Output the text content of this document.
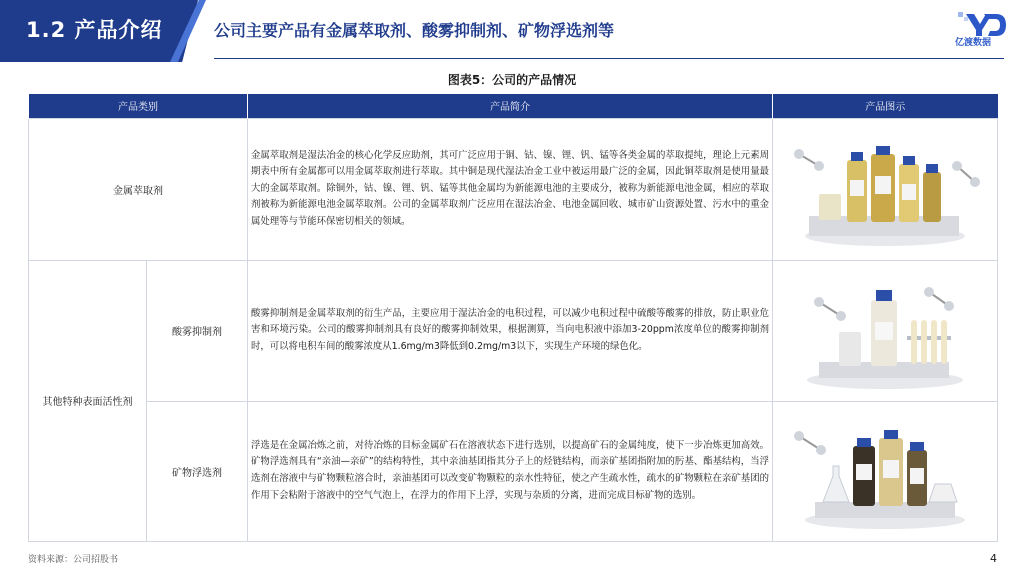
1.2 产品介绍	公司主要产品有金属萃取剂、酸雾抑制剂、矿物浮选剂等
亿渡数据
图表5：公司的产品情况
产品类别		产品简介	产品图示
金属萃取剂		金属萃取剂是湿法冶金的核心化学反应助剂，其可广泛应用于铜、钴、镍、锂、钒、锰等各类金属的萃取提纯，理论上元素周期表中所有金属都可以用金属萃取剂进行萃取。其中铜是现代湿法冶金工业中被运用最广泛的金属，因此铜萃取剂是使用量最大的金属萃取剂。除铜外，钴、镍、锂、钒、锰等其他金属均为新能源电池的主要成分，被称为新能源电池金属，相应的萃取剂被称为新能源电池金属萃取剂。公司的金属萃取剂广泛应用在湿法冶金、电池金属回收、城市矿山资源处置、污水中的重金属处理等与节能环保密切相关的领域。	

其他特种表面活性剂	酸雾抑制剂	酸雾抑制剂是金属萃取剂的衍生产品，主要应用于湿法冶金的电积过程，可以减少电积过程中硫酸等酸雾的排放，防止职业危害和环境污染。公司的酸雾抑制剂具有良好的酸雾抑制效果，根据测算，当向电积液中添加3-20ppm浓度单位的酸雾抑制剂时，可以将电积车间的酸雾浓度从1.6mg/m3降低到0.2mg/m3以下，实现生产环境的绿色化。	

	矿物浮选剂	浮选是在金属冶炼之前，对待冶炼的目标金属矿石在溶液状态下进行选别，以提高矿石的金属纯度，使下一步冶炼更加高效。矿物浮选剂具有“亲油—亲矿”的结构特性，其中亲油基团指其分子上的烃链结构，而亲矿基团指附加的肟基、酯基结构，当浮选剂在溶液中与矿物颗粒溶合时，亲油基团可以改变矿物颗粒的亲水性特征，使之产生疏水性，疏水的矿物颗粒在亲矿基团的作用下会粘附于溶液中的空气气泡上，在浮力的作用下上浮，实现与杂质的分离，进而完成目标矿物的选别。	
资料来源：公司招股书	4
